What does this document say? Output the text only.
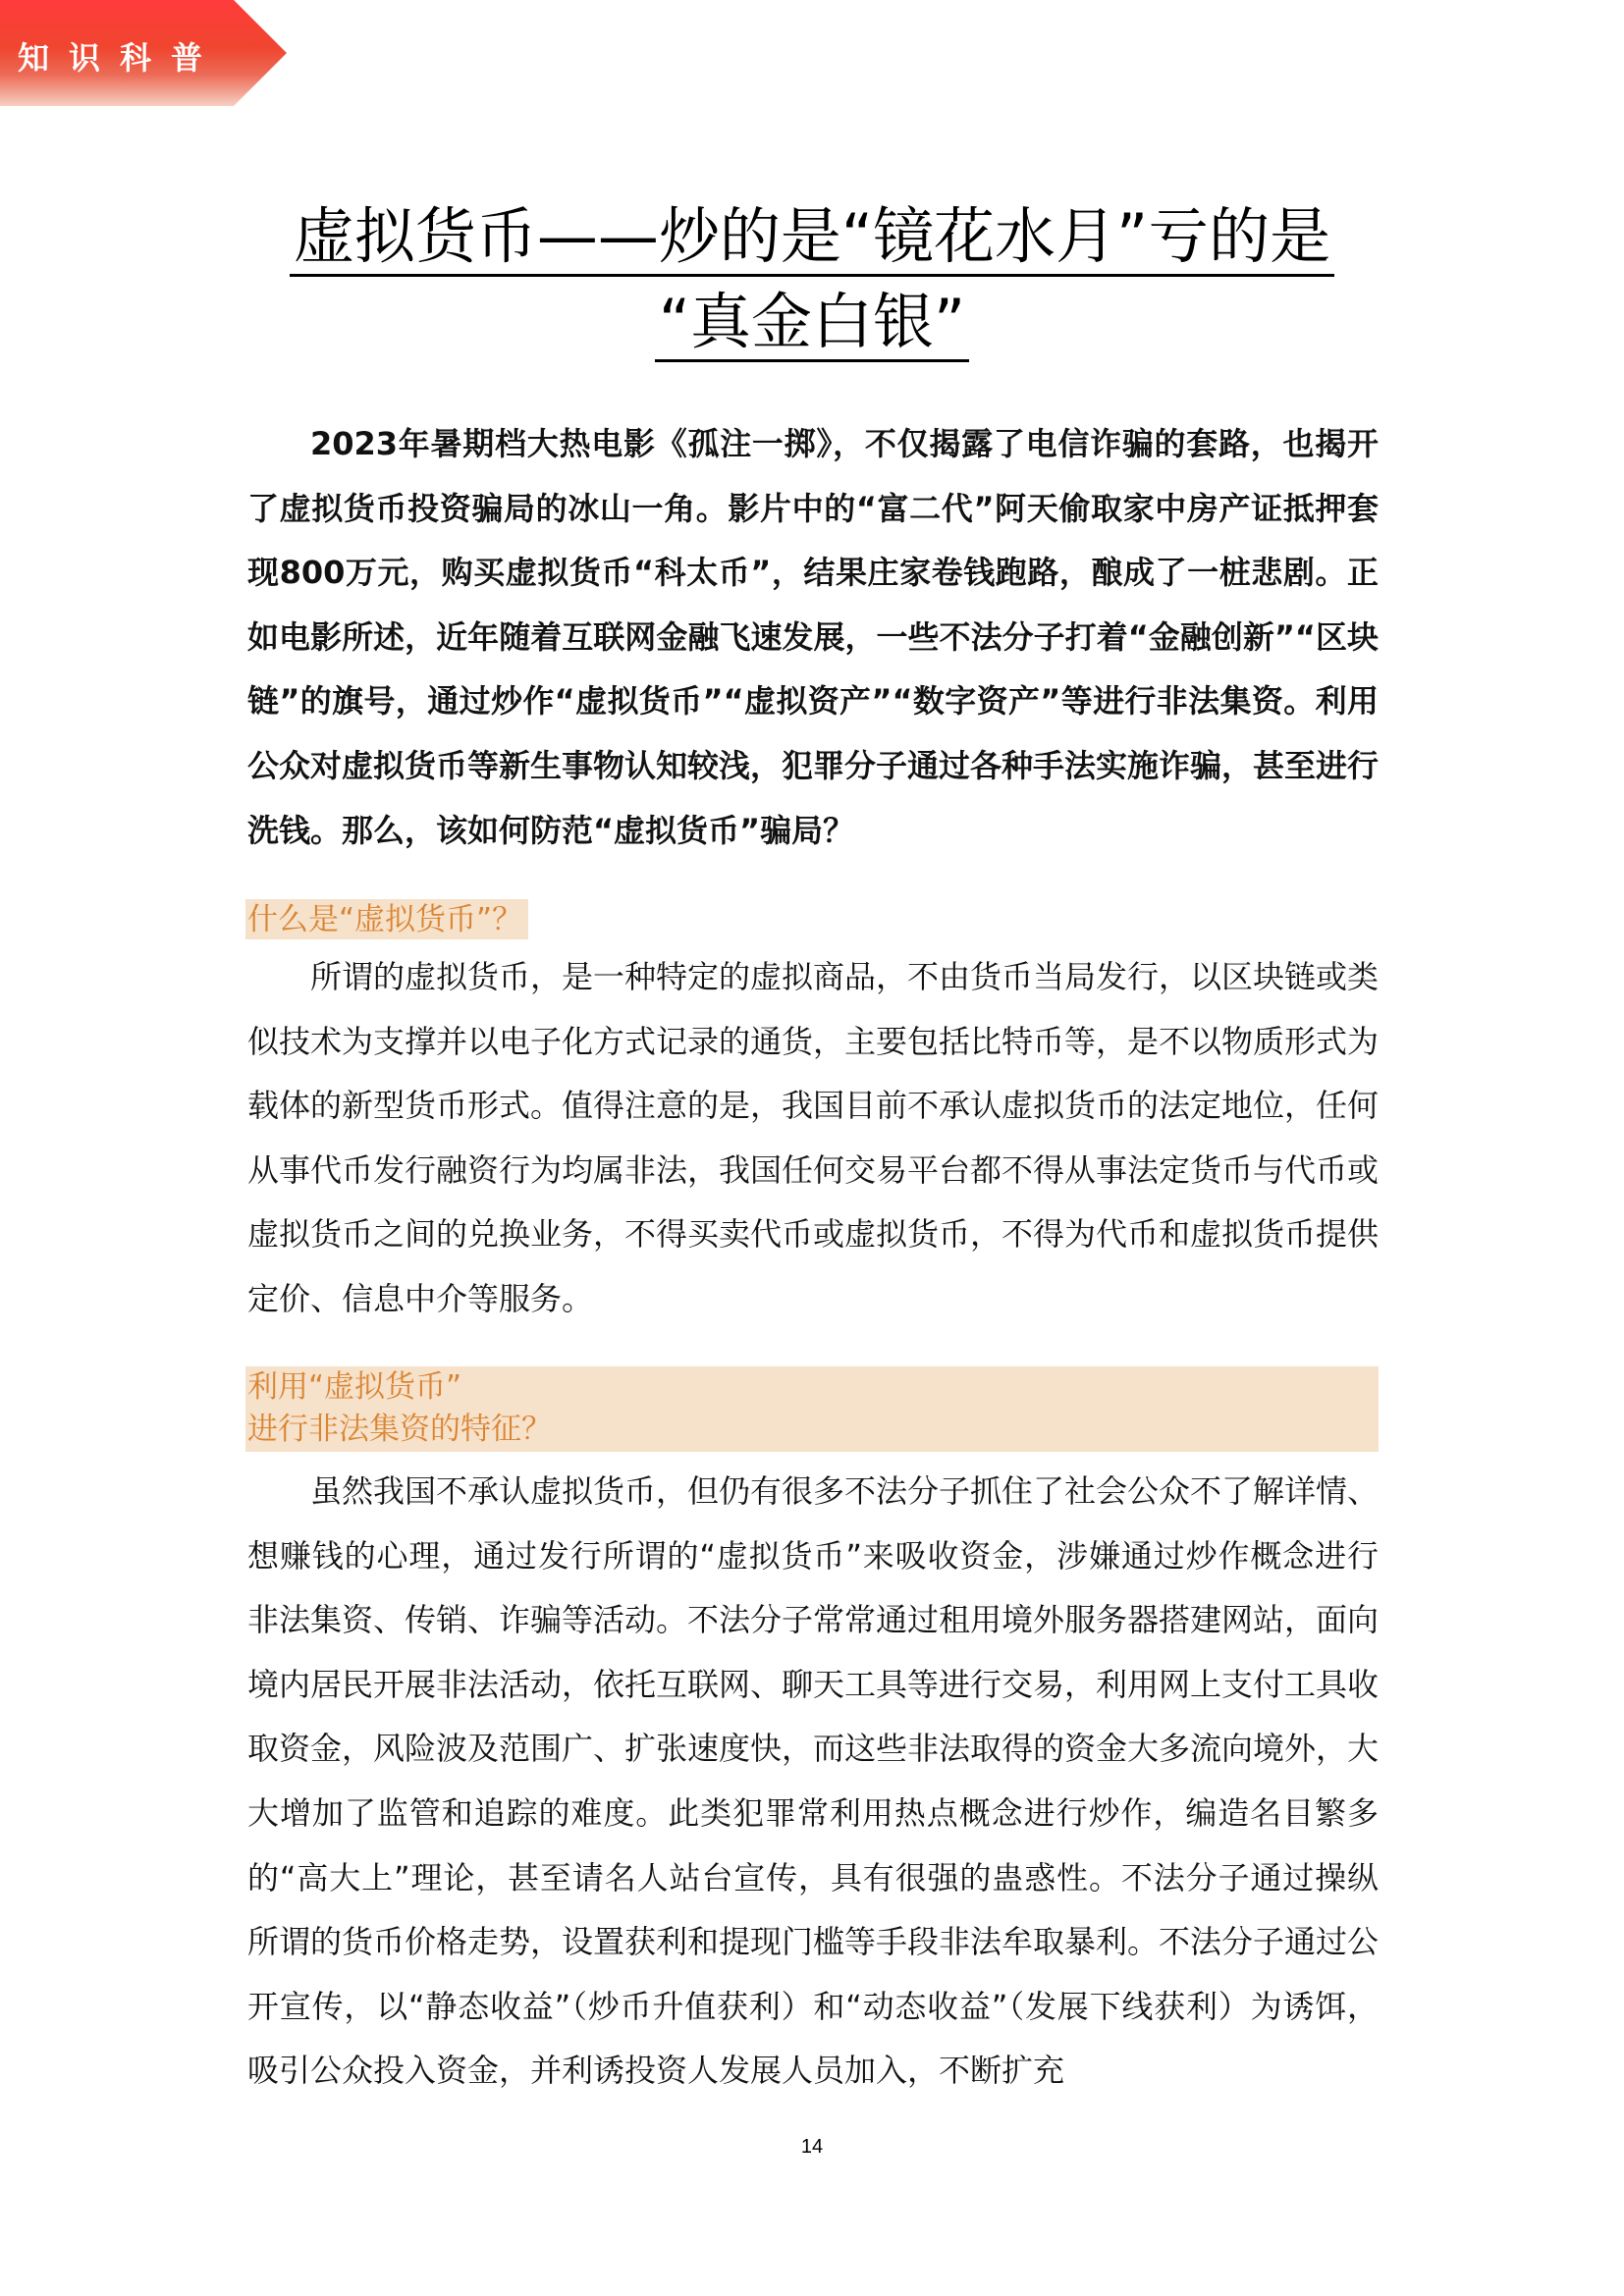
知识科普
虚拟货币——炒的是“镜花水月”亏的是
“真金白银”
2023年暑期档大热电影《孤注一掷》，不仅揭露了电信诈骗的套路，也揭开了虚拟货币投资骗局的冰山一角。影片中的“富二代”阿天偷取家中房产证抵押套现800万元，购买虚拟货币“科太币”，结果庄家卷钱跑路，酿成了一桩悲剧。正如电影所述，近年随着互联网金融飞速发展，一些不法分子打着“金融创新”“区块链”的旗号，通过炒作“虚拟货币”“虚拟资产”“数字资产”等进行非法集资。利用公众对虚拟货币等新生事物认知较浅，犯罪分子通过各种手法实施诈骗，甚至进行洗钱。那么，该如何防范“虚拟货币”骗局？
什么是“虚拟货币”？
所谓的虚拟货币，是一种特定的虚拟商品，不由货币当局发行，以区块链或类似技术为支撑并以电子化方式记录的通货，主要包括比特币等，是不以物质形式为载体的新型货币形式。值得注意的是，我国目前不承认虚拟货币的法定地位，任何从事代币发行融资行为均属非法，我国任何交易平台都不得从事法定货币与代币或虚拟货币之间的兑换业务，不得买卖代币或虚拟货币，不得为代币和虚拟货币提供定价、信息中介等服务。
利用“虚拟货币”
进行非法集资的特征？
虽然我国不承认虚拟货币，但仍有很多不法分子抓住了社会公众不了解详情、想赚钱的心理，通过发行所谓的“虚拟货币”来吸收资金，涉嫌通过炒作概念进行非法集资、传销、诈骗等活动。不法分子常常通过租用境外服务器搭建网站，面向境内居民开展非法活动，依托互联网、聊天工具等进行交易，利用网上支付工具收取资金，风险波及范围广、扩张速度快，而这些非法取得的资金大多流向境外，大大增加了监管和追踪的难度。此类犯罪常利用热点概念进行炒作，编造名目繁多的“高大上”理论，甚至请名人站台宣传，具有很强的蛊惑性。不法分子通过操纵所谓的货币价格走势，设置获利和提现门槛等手段非法牟取暴利。不法分子通过公开宣传，以“静态收益”（炒币升值获利）和“动态收益”（发展下线获利）为诱饵，吸引公众投入资金，并利诱投资人发展人员加入，不断扩充
14
